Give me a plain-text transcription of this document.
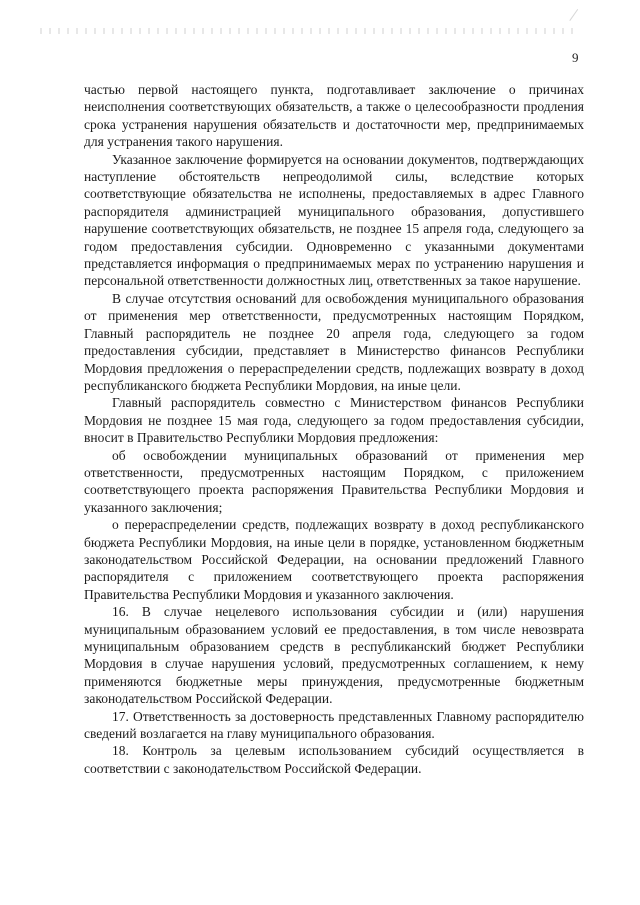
9

частью первой настоящего пункта, подготавливает заключение о причинах неисполнения соответствующих обязательств, а также о целесообразности продления срока устранения нарушения обязательств и достаточности мер, предпринимаемых для устранения такого нарушения.

Указанное заключение формируется на основании документов, подтверждающих наступление обстоятельств непреодолимой силы, вследствие которых соответствующие обязательства не исполнены, предоставляемых в адрес Главного распорядителя администрацией муниципального образования, допустившего нарушение соответствующих обязательств, не позднее 15 апреля года, следующего за годом предоставления субсидии. Одновременно с указанными документами представляется информация о предпринимаемых мерах по устранению нарушения и персональной ответственности должностных лиц, ответственных за такое нарушение.

В случае отсутствия оснований для освобождения муниципального образования от применения мер ответственности, предусмотренных настоящим Порядком, Главный распорядитель не позднее 20 апреля года, следующего за годом предоставления субсидии, представляет в Министерство финансов Республики Мордовия предложения о перераспределении средств, подлежащих возврату в доход республиканского бюджета Республики Мордовия, на иные цели.

Главный распорядитель совместно с Министерством финансов Республики Мордовия не позднее 15 мая года, следующего за годом предоставления субсидии, вносит в Правительство Республики Мордовия предложения:

об освобождении муниципальных образований от применения мер ответственности, предусмотренных настоящим Порядком, с приложением соответствующего проекта распоряжения Правительства Республики Мордовия и указанного заключения;

о перераспределении средств, подлежащих возврату в доход республиканского бюджета Республики Мордовия, на иные цели в порядке, установленном бюджетным законодательством Российской Федерации, на основании предложений Главного распорядителя с приложением соответствующего проекта распоряжения Правительства Республики Мордовия и указанного заключения.

16. В случае нецелевого использования субсидии и (или) нарушения муниципальным образованием условий ее предоставления, в том числе невозврата муниципальным образованием средств в республиканский бюджет Республики Мордовия в случае нарушения условий, предусмотренных соглашением, к нему применяются бюджетные меры принуждения, предусмотренные бюджетным законодательством Российской Федерации.

17. Ответственность за достоверность представленных Главному распорядителю сведений возлагается на главу муниципального образования.

18. Контроль за целевым использованием субсидий осуществляется в соответствии с законодательством Российской Федерации.
